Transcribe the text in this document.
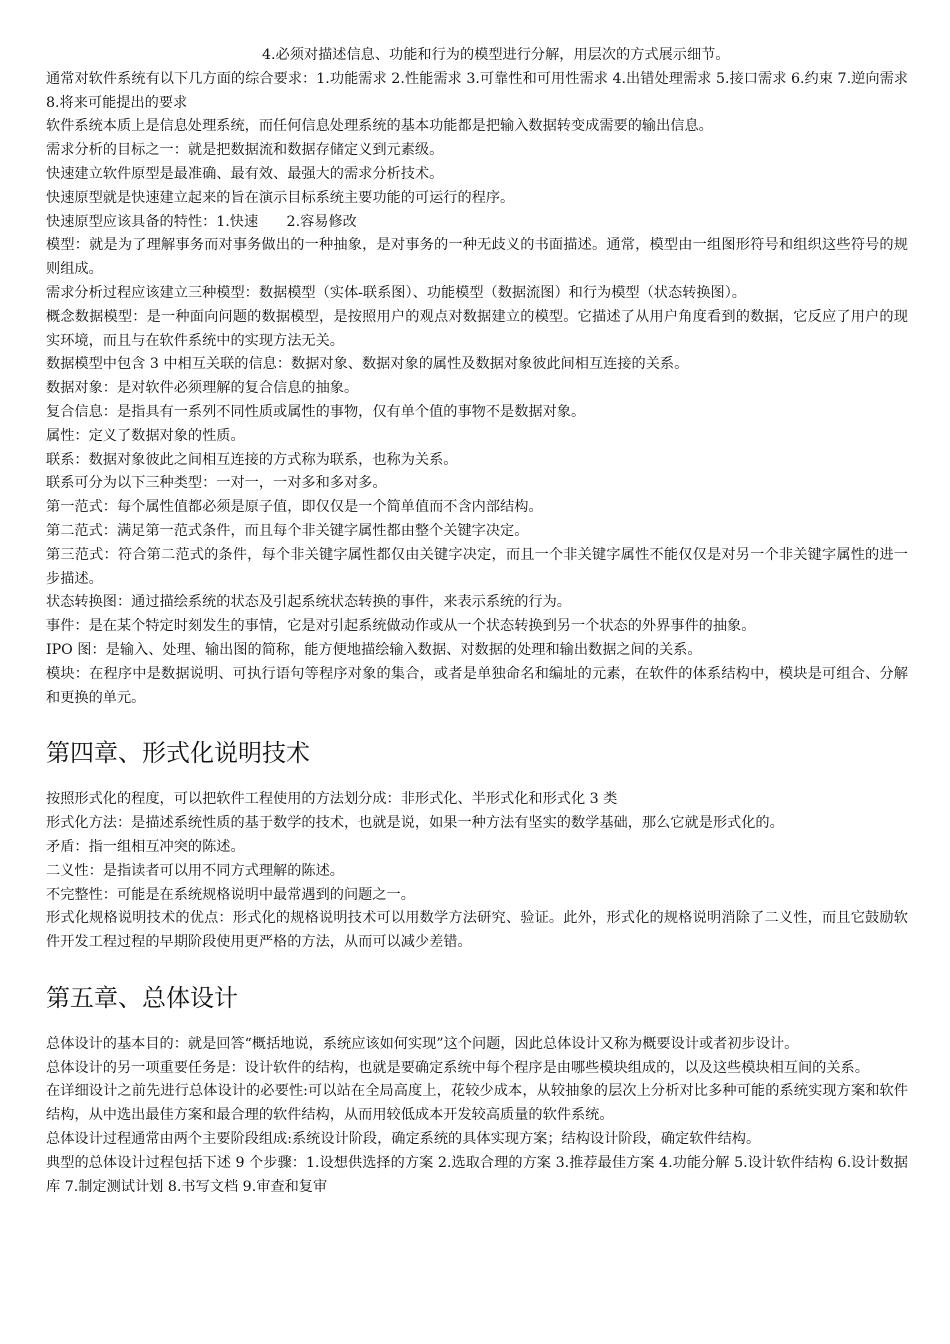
4.必须对描述信息、功能和行为的模型进行分解，用层次的方式展示细节。

通常对软件系统有以下几方面的综合要求：1.功能需求 2.性能需求 3.可靠性和可用性需求 4.出错处理需求 5.接口需求 6.约束 7.逆向需求 8.将来可能提出的要求

软件系统本质上是信息处理系统，而任何信息处理系统的基本功能都是把输入数据转变成需要的输出信息。

需求分析的目标之一：就是把数据流和数据存储定义到元素级。

快速建立软件原型是最准确、最有效、最强大的需求分析技术。

快速原型就是快速建立起来的旨在演示目标系统主要功能的可运行的程序。

快速原型应该具备的特性：1.快速　　2.容易修改

模型：就是为了理解事务而对事务做出的一种抽象，是对事务的一种无歧义的书面描述。通常，模型由一组图形符号和组织这些符号的规则组成。

需求分析过程应该建立三种模型：数据模型（实体-联系图）、功能模型（数据流图）和行为模型（状态转换图）。

概念数据模型：是一种面向问题的数据模型，是按照用户的观点对数据建立的模型。它描述了从用户角度看到的数据，它反应了用户的现实环境，而且与在软件系统中的实现方法无关。

数据模型中包含 3 中相互关联的信息：数据对象、数据对象的属性及数据对象彼此间相互连接的关系。

数据对象：是对软件必须理解的复合信息的抽象。

复合信息：是指具有一系列不同性质或属性的事物，仅有单个值的事物不是数据对象。

属性：定义了数据对象的性质。

联系：数据对象彼此之间相互连接的方式称为联系，也称为关系。

联系可分为以下三种类型：一对一，一对多和多对多。

第一范式：每个属性值都必须是原子值，即仅仅是一个简单值而不含内部结构。

第二范式：满足第一范式条件，而且每个非关键字属性都由整个关键字决定。

第三范式：符合第二范式的条件，每个非关键字属性都仅由关键字决定，而且一个非关键字属性不能仅仅是对另一个非关键字属性的进一步描述。

状态转换图：通过描绘系统的状态及引起系统状态转换的事件，来表示系统的行为。

事件：是在某个特定时刻发生的事情，它是对引起系统做动作或从一个状态转换到另一个状态的外界事件的抽象。

IPO 图：是输入、处理、输出图的简称，能方便地描绘输入数据、对数据的处理和输出数据之间的关系。

模块：在程序中是数据说明、可执行语句等程序对象的集合，或者是单独命名和编址的元素，在软件的体系结构中，模块是可组合、分解和更换的单元。

第四章、形式化说明技术

按照形式化的程度，可以把软件工程使用的方法划分成：非形式化、半形式化和形式化 3 类

形式化方法：是描述系统性质的基于数学的技术，也就是说，如果一种方法有坚实的数学基础，那么它就是形式化的。

矛盾：指一组相互冲突的陈述。

二义性：是指读者可以用不同方式理解的陈述。

不完整性：可能是在系统规格说明中最常遇到的问题之一。

形式化规格说明技术的优点：形式化的规格说明技术可以用数学方法研究、验证。此外，形式化的规格说明消除了二义性，而且它鼓励软件开发工程过程的早期阶段使用更严格的方法，从而可以减少差错。

第五章、总体设计

总体设计的基本目的：就是回答“概括地说，系统应该如何实现”这个问题，因此总体设计又称为概要设计或者初步设计。

总体设计的另一项重要任务是：设计软件的结构，也就是要确定系统中每个程序是由哪些模块组成的，以及这些模块相互间的关系。

在详细设计之前先进行总体设计的必要性:可以站在全局高度上，花较少成本，从较抽象的层次上分析对比多种可能的系统实现方案和软件结构，从中选出最佳方案和最合理的软件结构，从而用较低成本开发较高质量的软件系统。

总体设计过程通常由两个主要阶段组成:系统设计阶段，确定系统的具体实现方案；结构设计阶段，确定软件结构。

典型的总体设计过程包括下述 9 个步骤：1.设想供选择的方案 2.选取合理的方案 3.推荐最佳方案 4.功能分解 5.设计软件结构 6.设计数据库 7.制定测试计划 8.书写文档 9.审查和复审
